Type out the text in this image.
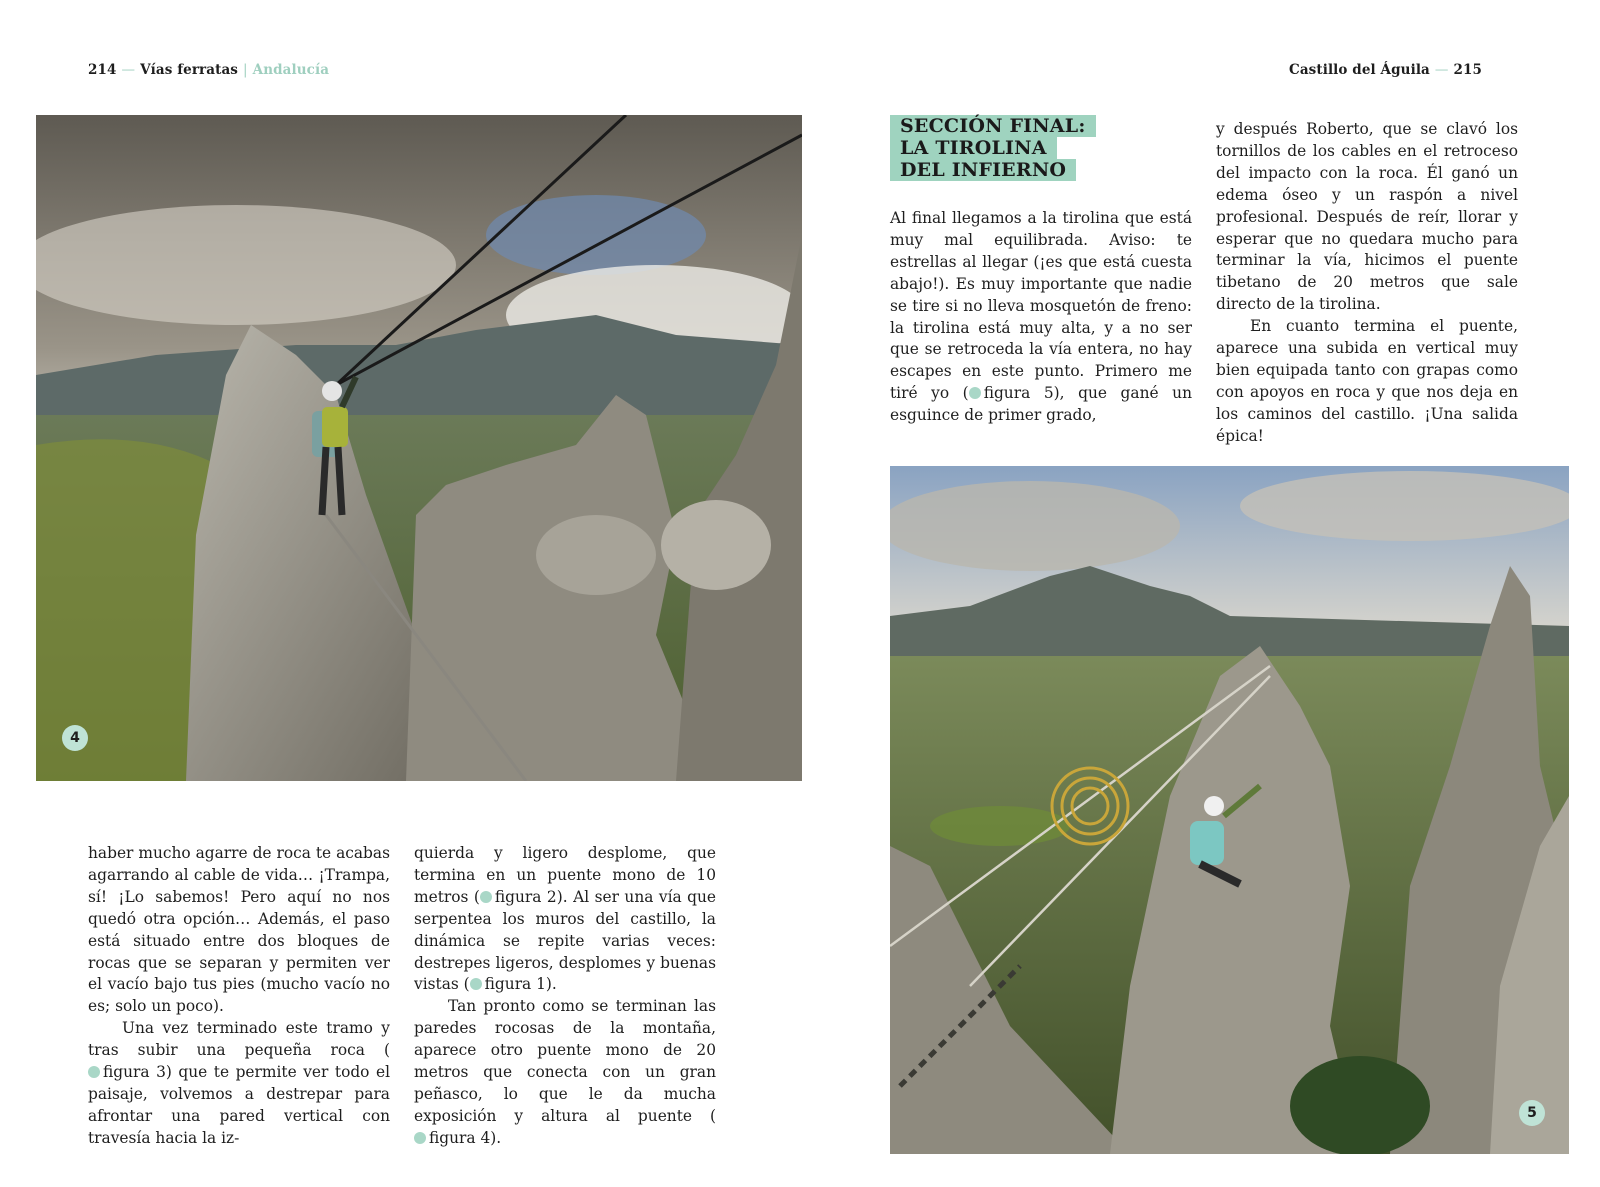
214 — Vías ferratas | Andalucía	Castillo del Águila — 215
4

haber mucho agarre de roca te acabas agarrando al cable de vida… ¡Trampa, sí! ¡Lo sabemos! Pero aquí no nos quedó otra opción… Además, el paso está situado entre dos bloques de rocas que se separan y permiten ver el vacío bajo tus pies (mucho vacío no es; solo un poco).

Una vez terminado este tramo y tras subir una pequeña roca (figura 3) que te permite ver todo el paisaje, volvemos a destrepar para afrontar una pared vertical con travesía hacia la iz-

quierda y ligero desplome, que termina en un puente mono de 10 metros ( figura 2). Al ser una vía que serpentea los muros del castillo, la dinámica se repite varias veces: destrepes ligeros, desplomes y buenas vistas ( figura 1).

Tan pronto como se terminan las paredes rocosas de la montaña, aparece otro puente mono de 20 metros que conecta con un gran peñasco, lo que le da mucha exposición y altura al puente (figura 4).

SECCIÓN FINAL:
LA TIROLINA
DEL INFIERNO

Al final llegamos a la tirolina que está muy mal equilibrada. Aviso: te estrellas al llegar (¡es que está cuesta abajo!). Es muy importante que nadie se tire si no lleva mosquetón de freno: la tirolina está muy alta, y a no ser que se retroceda la vía entera, no hay escapes en este punto. Primero me tiré yo ( figura 5), que gané un esguince de primer grado,

y después Roberto, que se clavó los tornillos de los cables en el retroceso del impacto con la roca. Él ganó un edema óseo y un raspón a nivel profesional. Después de reír, llorar y esperar que no quedara mucho para terminar la vía, hicimos el puente tibetano de 20 metros que sale directo de la tirolina.

En cuanto termina el puente, aparece una subida en vertical muy bien equipada tanto con grapas como con apoyos en roca y que nos deja en los caminos del castillo. ¡Una salida épica!

5
